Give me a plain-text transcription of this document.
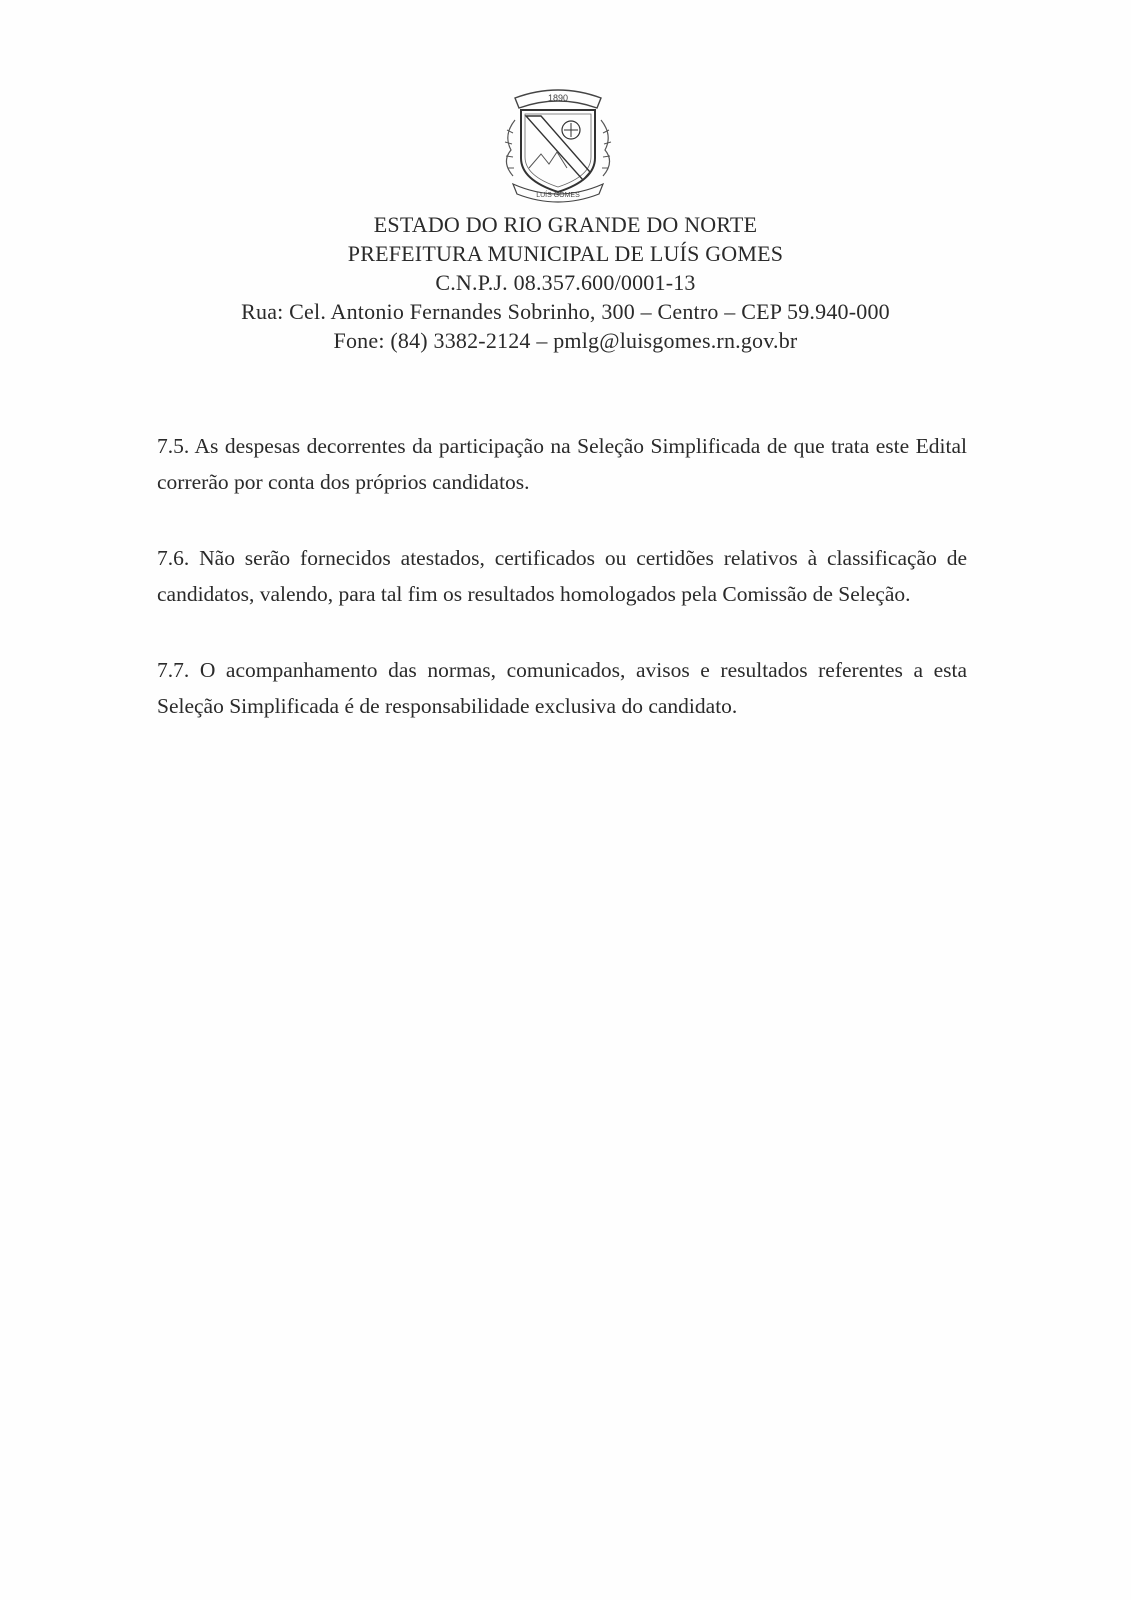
1890
LUÍS GOMES
ESTADO DO RIO GRANDE DO NORTE
PREFEITURA MUNICIPAL DE LUÍS GOMES
C.N.P.J. 08.357.600/0001-13
Rua: Cel. Antonio Fernandes Sobrinho, 300 – Centro – CEP 59.940-000
Fone: (84) 3382-2124 – pmlg@luisgomes.rn.gov.br

7.5. As despesas decorrentes da participação na Seleção Simplificada de que trata este Edital correrão por conta dos próprios candidatos.

7.6. Não serão fornecidos atestados, certificados ou certidões relativos à classificação de candidatos, valendo, para tal fim os resultados homologados pela Comissão de Seleção.

7.7. O acompanhamento das normas, comunicados, avisos e resultados referentes a esta Seleção Simplificada é de responsabilidade exclusiva do candidato.
